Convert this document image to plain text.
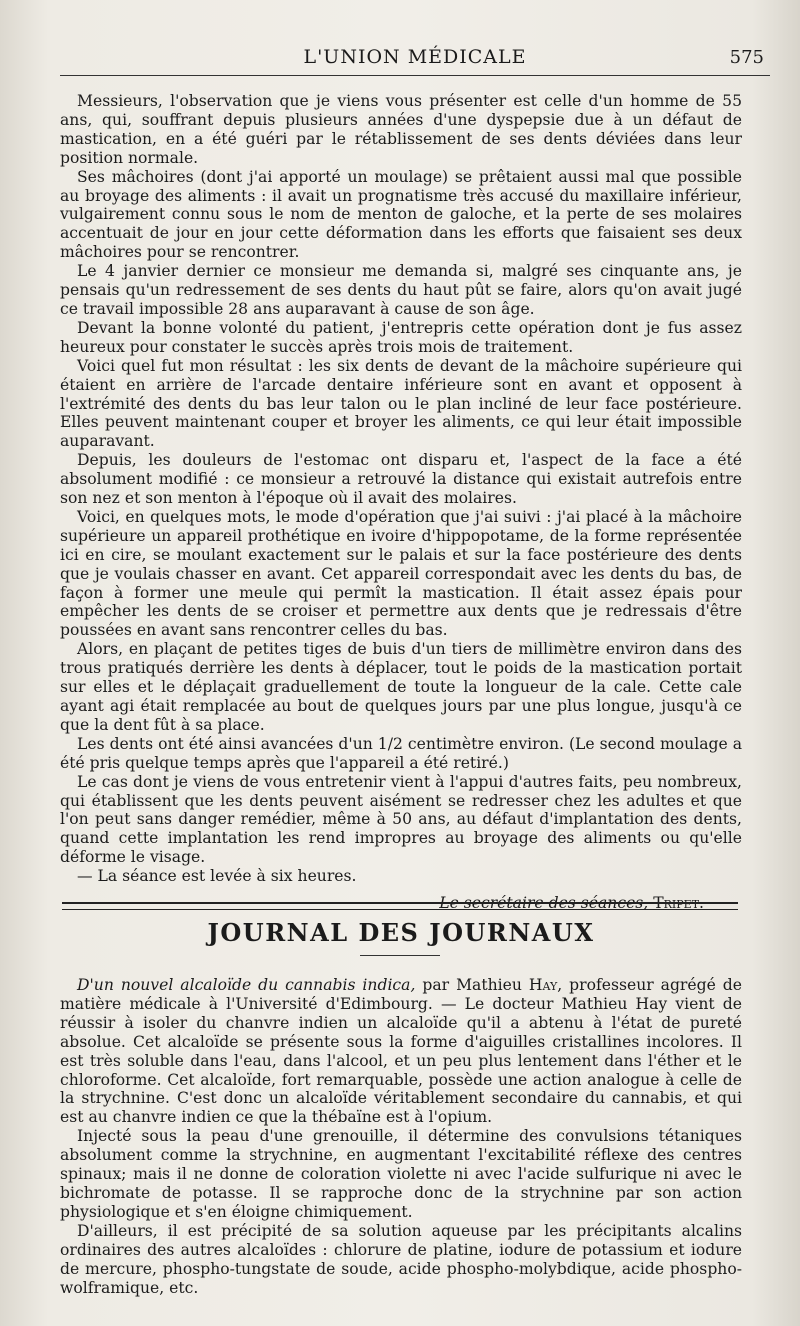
L'UNION MÉDICALE	575

Messieurs, l'observation que je viens vous présenter est celle d'un homme de 55 ans, qui, souffrant depuis plusieurs années d'une dyspepsie due à un défaut de mastication, en a été guéri par le rétablissement de ses dents déviées dans leur position normale.

Ses mâchoires (dont j'ai apporté un moulage) se prêtaient aussi mal que possible au broyage des aliments : il avait un prognatisme très accusé du maxillaire inférieur, vulgairement connu sous le nom de menton de galoche, et la perte de ses molaires accentuait de jour en jour cette déformation dans les efforts que faisaient ses deux mâchoires pour se rencontrer.

Le 4 janvier dernier ce monsieur me demanda si, malgré ses cinquante ans, je pensais qu'un redressement de ses dents du haut pût se faire, alors qu'on avait jugé ce travail impossible 28 ans auparavant à cause de son âge.

Devant la bonne volonté du patient, j'entrepris cette opération dont je fus assez heureux pour constater le succès après trois mois de traitement.

Voici quel fut mon résultat : les six dents de devant de la mâchoire supérieure qui étaient en arrière de l'arcade dentaire inférieure sont en avant et opposent à l'extrémité des dents du bas leur talon ou le plan incliné de leur face postérieure. Elles peuvent maintenant couper et broyer les aliments, ce qui leur était impossible auparavant.

Depuis, les douleurs de l'estomac ont disparu et, l'aspect de la face a été absolument modifié : ce monsieur a retrouvé la distance qui existait autrefois entre son nez et son menton à l'époque où il avait des molaires.

Voici, en quelques mots, le mode d'opération que j'ai suivi : j'ai placé à la mâchoire supérieure un appareil prothétique en ivoire d'hippopotame, de la forme représentée ici en cire, se moulant exactement sur le palais et sur la face postérieure des dents que je voulais chasser en avant. Cet appareil correspondait avec les dents du bas, de façon à former une meule qui permît la mastication. Il était assez épais pour empêcher les dents de se croiser et permettre aux dents que je redressais d'être poussées en avant sans rencontrer celles du bas.

Alors, en plaçant de petites tiges de buis d'un tiers de millimètre environ dans des trous pratiqués derrière les dents à déplacer, tout le poids de la mastication portait sur elles et le déplaçait graduellement de toute la longueur de la cale. Cette cale ayant agi était remplacée au bout de quelques jours par une plus longue, jusqu'à ce que la dent fût à sa place.

Les dents ont été ainsi avancées d'un 1/2 centimètre environ. (Le second moulage a été pris quelque temps après que l'appareil a été retiré.)

Le cas dont je viens de vous entretenir vient à l'appui d'autres faits, peu nombreux, qui établissent que les dents peuvent aisément se redresser chez les adultes et que l'on peut sans danger remédier, même à 50 ans, au défaut d'implantation des dents, quand cette implantation les rend impropres au broyage des aliments ou qu'elle déforme le visage.

— La séance est levée à six heures.

Le secrétaire des séances, Tripet.
JOURNAL DES JOURNAUX

D'un nouvel alcaloïde du cannabis indica, par Mathieu Hay, professeur agrégé de matière médicale à l'Université d'Edimbourg. — Le docteur Mathieu Hay vient de réussir à isoler du chanvre indien un alcaloïde qu'il a abtenu à l'état de pureté absolue. Cet alcaloïde se présente sous la forme d'aiguilles cristallines incolores. Il est très soluble dans l'eau, dans l'alcool, et un peu plus lentement dans l'éther et le chloroforme. Cet alcaloïde, fort remarquable, possède une action analogue à celle de la strychnine. C'est donc un alcaloïde véritablement secondaire du cannabis, et qui est au chanvre indien ce que la thébaïne est à l'opium.

Injecté sous la peau d'une grenouille, il détermine des convulsions tétaniques absolument comme la strychnine, en augmentant l'excitabilité réflexe des centres spinaux; mais il ne donne de coloration violette ni avec l'acide sulfurique ni avec le bichromate de potasse. Il se rapproche donc de la strychnine par son action physiologique et s'en éloigne chimiquement.

D'ailleurs, il est précipité de sa solution aqueuse par les précipitants alcalins ordinaires des autres alcaloïdes : chlorure de platine, iodure de potassium et iodure de mercure, phospho-tungstate de soude, acide phospho-molybdique, acide phospho-wolframique, etc.
